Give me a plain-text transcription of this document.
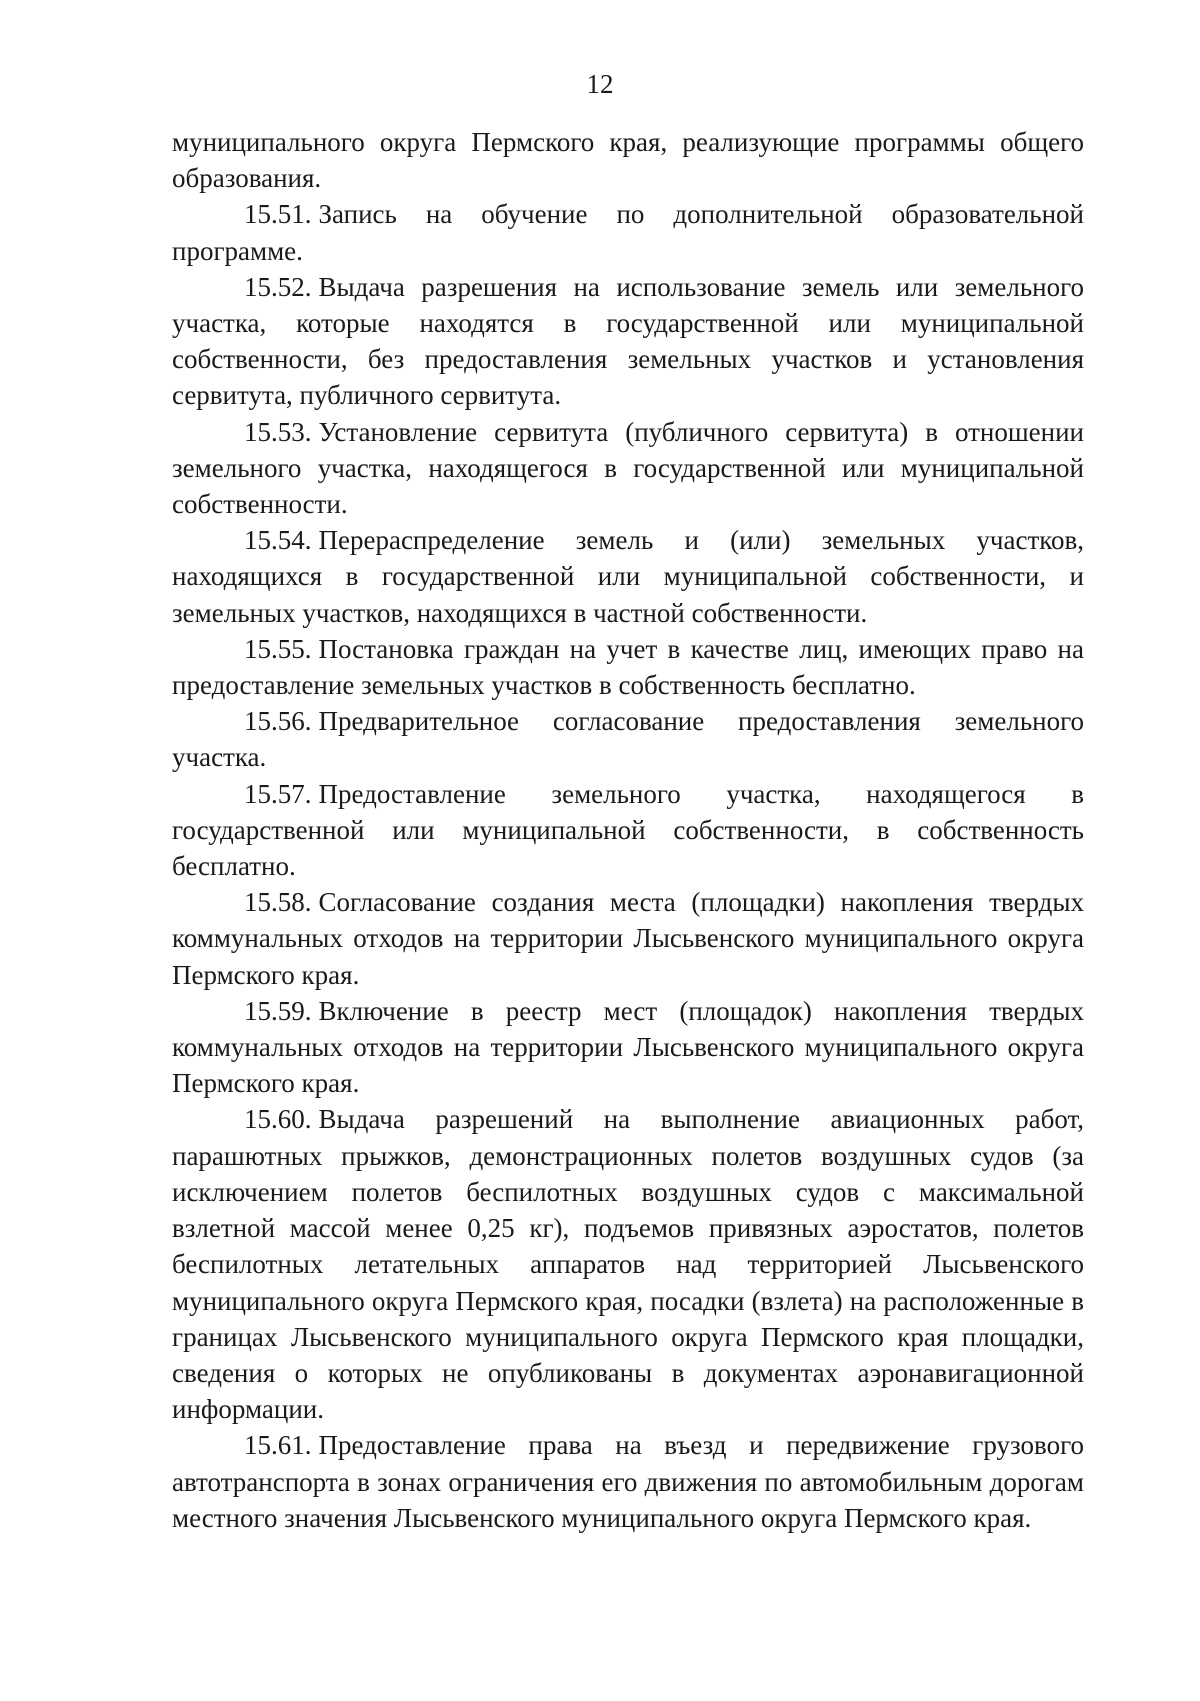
12

муниципального округа Пермского края, реализующие программы общего образования.

15.51. Запись на обучение по дополнительной образовательной программе.

15.52. Выдача разрешения на использование земель или земельного участка, которые находятся в государственной или муниципальной собственности, без предоставления земельных участков и установления сервитута, публичного сервитута.

15.53. Установление сервитута (публичного сервитута) в отношении земельного участка, находящегося в государственной или муниципальной собственности.

15.54. Перераспределение земель и (или) земельных участков, находящихся в государственной или муниципальной собственности, и земельных участков, находящихся в частной собственности.

15.55. Постановка граждан на учет в качестве лиц, имеющих право на предоставление земельных участков в собственность бесплатно.

15.56. Предварительное согласование предоставления земельного участка.

15.57. Предоставление земельного участка, находящегося в государственной или муниципальной собственности, в собственность бесплатно.

15.58. Согласование создания места (площадки) накопления твердых коммунальных отходов на территории Лысьвенского муниципального округа Пермского края.

15.59. Включение в реестр мест (площадок) накопления твердых коммунальных отходов на территории Лысьвенского муниципального округа Пермского края.

15.60. Выдача разрешений на выполнение авиационных работ, парашютных прыжков, демонстрационных полетов воздушных судов (за исключением полетов беспилотных воздушных судов с максимальной взлетной массой менее 0,25 кг), подъемов привязных аэростатов, полетов беспилотных летательных аппаратов над территорией Лысьвенского муниципального округа Пермского края, посадки (взлета) на расположенные в границах Лысьвенского муниципального округа Пермского края площадки, сведения о которых не опубликованы в документах аэронавигационной информации.

15.61. Предоставление права на въезд и передвижение грузового автотранспорта в зонах ограничения его движения по автомобильным дорогам местного значения Лысьвенского муниципального округа Пермского края.
